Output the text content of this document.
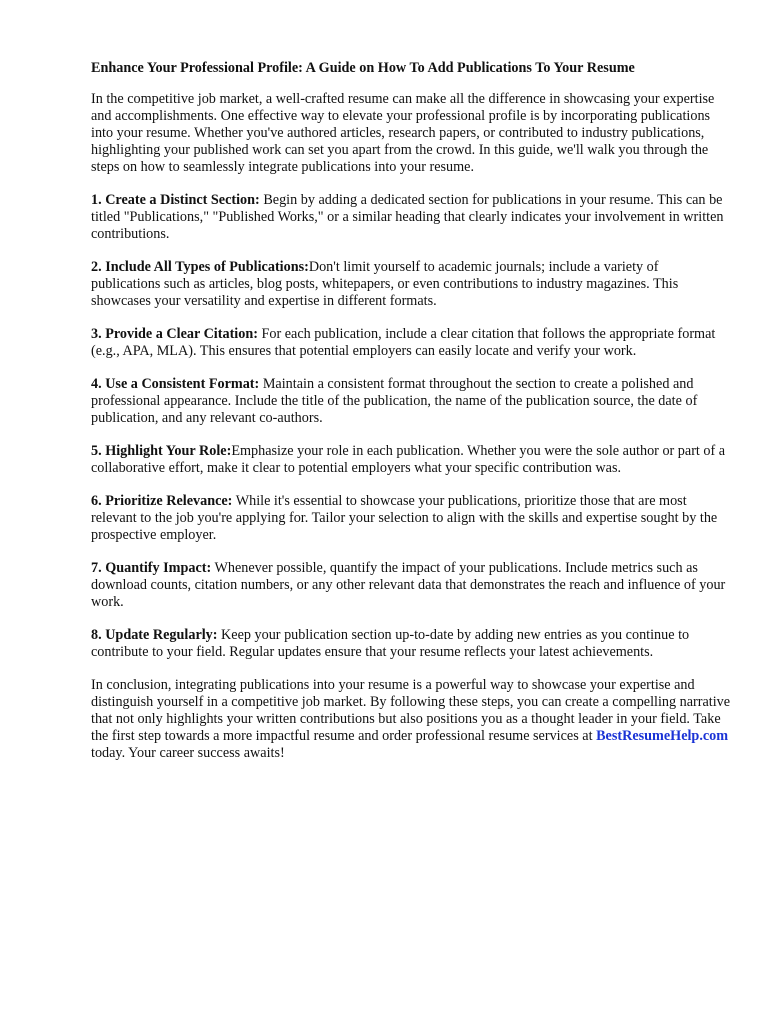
Enhance Your Professional Profile: A Guide on How To Add Publications To Your Resume

In the competitive job market, a well-crafted resume can make all the difference in showcasing your expertise and accomplishments. One effective way to elevate your professional profile is by incorporating publications into your resume. Whether you've authored articles, research papers, or contributed to industry publications, highlighting your published work can set you apart from the crowd. In this guide, we'll walk you through the steps on how to seamlessly integrate publications into your resume.

1. Create a Distinct Section: Begin by adding a dedicated section for publications in your resume. This can be titled "Publications," "Published Works," or a similar heading that clearly indicates your involvement in written contributions.

2. Include All Types of Publications:Don't limit yourself to academic journals; include a variety of publications such as articles, blog posts, whitepapers, or even contributions to industry magazines. This showcases your versatility and expertise in different formats.

3. Provide a Clear Citation: For each publication, include a clear citation that follows the appropriate format (e.g., APA, MLA). This ensures that potential employers can easily locate and verify your work.

4. Use a Consistent Format: Maintain a consistent format throughout the section to create a polished and professional appearance. Include the title of the publication, the name of the publication source, the date of publication, and any relevant co-authors.

5. Highlight Your Role:Emphasize your role in each publication. Whether you were the sole author or part of a collaborative effort, make it clear to potential employers what your specific contribution was.

6. Prioritize Relevance: While it's essential to showcase your publications, prioritize those that are most relevant to the job you're applying for. Tailor your selection to align with the skills and expertise sought by the prospective employer.

7. Quantify Impact: Whenever possible, quantify the impact of your publications. Include metrics such as download counts, citation numbers, or any other relevant data that demonstrates the reach and influence of your work.

8. Update Regularly: Keep your publication section up-to-date by adding new entries as you continue to contribute to your field. Regular updates ensure that your resume reflects your latest achievements.

In conclusion, integrating publications into your resume is a powerful way to showcase your expertise and distinguish yourself in a competitive job market. By following these steps, you can create a compelling narrative that not only highlights your written contributions but also positions you as a thought leader in your field. Take the first step towards a more impactful resume and order professional resume services at BestResumeHelp.com today. Your career success awaits!
